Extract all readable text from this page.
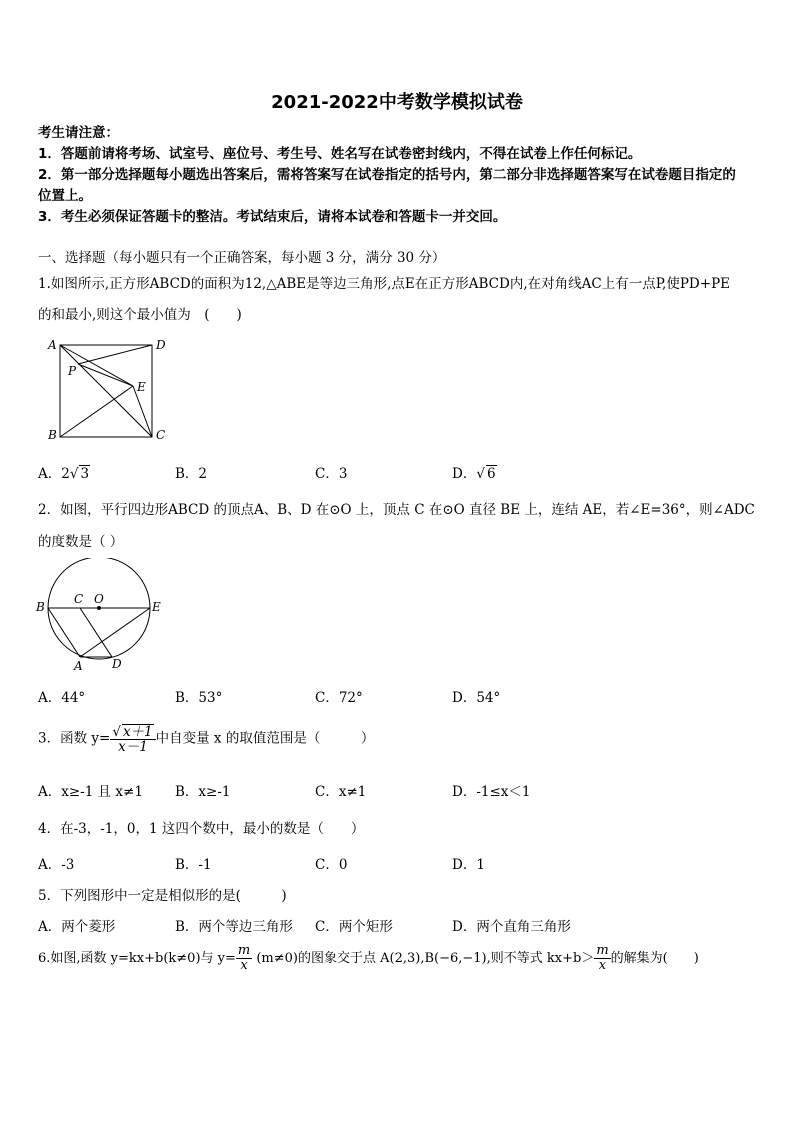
2021-2022中考数学模拟试卷
考生请注意：
1．答题前请将考场、试室号、座位号、考生号、姓名写在试卷密封线内，不得在试卷上作任何标记。
2．第一部分选择题每小题选出答案后，需将答案写在试卷指定的括号内，第二部分非选择题答案写在试卷题目指定的
位置上。
3．考生必须保证答题卡的整洁。考试结束后，请将本试卷和答题卡一并交回。
一、选择题（每小题只有一个正确答案，每小题 3 分，满分 30 分）
1.如图所示,正方形ABCD的面积为12,△ABE是等边三角形,点E在正方形ABCD内,在对角线AC上有一点P,使PD+PE
的和最小,则这个最小值为　(　　)
A	D
P
E
B	C
A．2√ 3	B．2	C．3	D．√ 6
2．如图，平行四边形ABCD 的顶点A、B、D 在⊙O 上，顶点 C 在⊙O 直径 BE 上，连结 AE，若∠E=36°，则∠ADC
的度数是（ ）
B
C O
E
A D
A．44°	B．53°	C．72°	D．54°
3．函数 $y= \frac{√ x+1}{x-1}$ 中自变量 x 的取值范围是（　　　）
A．x≥-1 且 x≠1 B．x≥-1	C．x≠1	D．-1≤x＜1
4．在-3，-1，0，1 这四个数中，最小的数是（　　）
A．-3	B．-1	C．0	D．1
5．下列图形中一定是相似形的是(　　　)
A．两个菱形	B．两个等边三角形 C．两个矩形	D．两个直角三角形
6.如图,函数 y=kx+b(k≠0)与 $y= \frac{m}{x} (m\ne 0)$的图象交于点 A(2,3),B(−6,−1),则不等式 $kx+b> \frac{m}{x}$ 的解集为(　　)
